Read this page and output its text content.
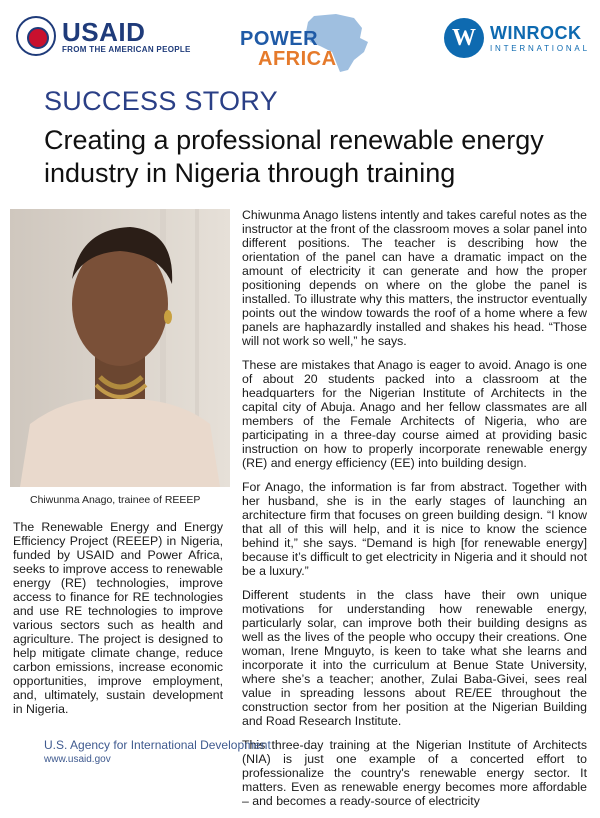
USAID
FROM THE AMERICAN PEOPLE POWER
AFRICA
W WINROCK
INTERNATIONAL
SUCCESS STORY
Creating a professional renewable energy industry in Nigeria through training
Chiwunma Anago, trainee of REEEP

The Renewable Energy and Energy Efficiency Project (REEEP) in Nigeria, funded by USAID and Power Africa, seeks to improve access to renewable energy (RE) technologies, improve access to finance for RE technologies and use RE technologies to improve various sectors such as health and agriculture. The project is designed to help mitigate climate change, reduce carbon emissions, increase economic opportunities, improve employment, and, ultimately, sustain development in Nigeria.

Chiwunma Anago listens intently and takes careful notes as the instructor at the front of the classroom moves a solar panel into different positions. The teacher is describing how the orientation of the panel can have a dramatic impact on the amount of electricity it can generate and how the proper positioning depends on where on the globe the panel is installed. To illustrate why this matters, the instructor eventually points out the window towards the roof of a home where a few panels are haphazardly installed and shakes his head. “Those will not work so well,” he says.

These are mistakes that Anago is eager to avoid. Anago is one of about 20 students packed into a classroom at the headquarters for the Nigerian Institute of Architects in the capital city of Abuja. Anago and her fellow classmates are all members of the Female Architects of Nigeria, who are participating in a three-day course aimed at providing basic instruction on how to properly incorporate renewable energy (RE) and energy efficiency (EE) into building design.

For Anago, the information is far from abstract. Together with her husband, she is in the early stages of launching an architecture firm that focuses on green building design. “I know that all of this will help, and it is nice to know the science behind it,” she says. “Demand is high [for renewable energy] because it’s difficult to get electricity in Nigeria and it should not be a luxury.”

Different students in the class have their own unique motivations for understanding how renewable energy, particularly solar, can improve both their building designs as well as the lives of the people who occupy their creations. One woman, Irene Mnguyto, is keen to take what she learns and incorporate it into the curriculum at Benue State University, where she’s a teacher; another, Zulai Baba-Givei, sees real value in spreading lessons about RE/EE throughout the construction sector from her position at the Nigerian Building and Road Research Institute.

This three-day training at the Nigerian Institute of Architects (NIA) is just one example of a concerted effort to professionalize the country's renewable energy sector. It matters. Even as renewable energy becomes more affordable – and becomes a ready-source of electricity

U.S. Agency for International Development
www.usaid.gov
